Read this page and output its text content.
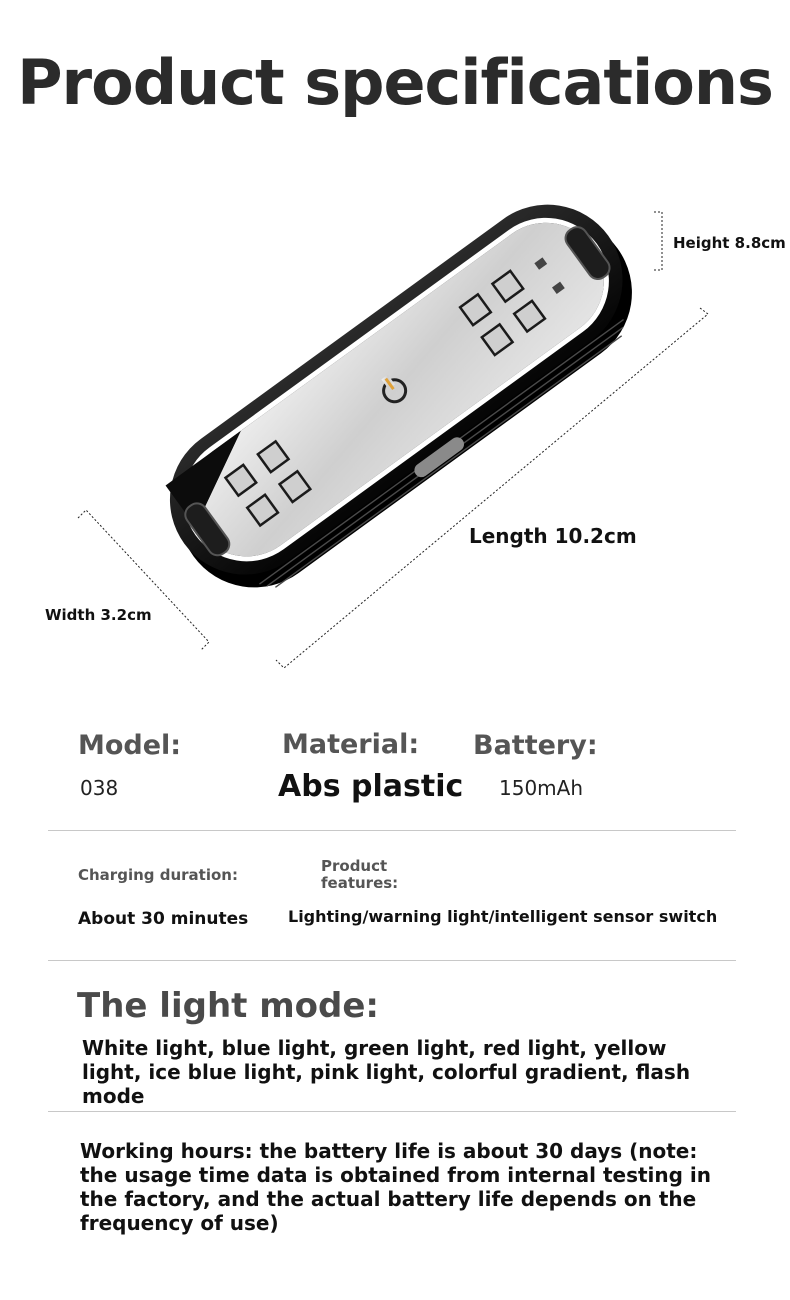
Product specifications
Height 8.8cm
Length 10.2cm
Width 3.2cm
Model:
038
Material:
Abs plastic
Battery:
150mAh
Charging duration:
About 30 minutes
Product features:
Lighting/warning light/intelligent sensor switch
The light mode:
White light, blue light, green light, red light, yellow light, ice blue light, pink light, colorful gradient, flash mode
Working hours: the battery life is about 30 days (note: the usage time data is obtained from internal testing in the factory, and the actual battery life depends on the frequency of use)
